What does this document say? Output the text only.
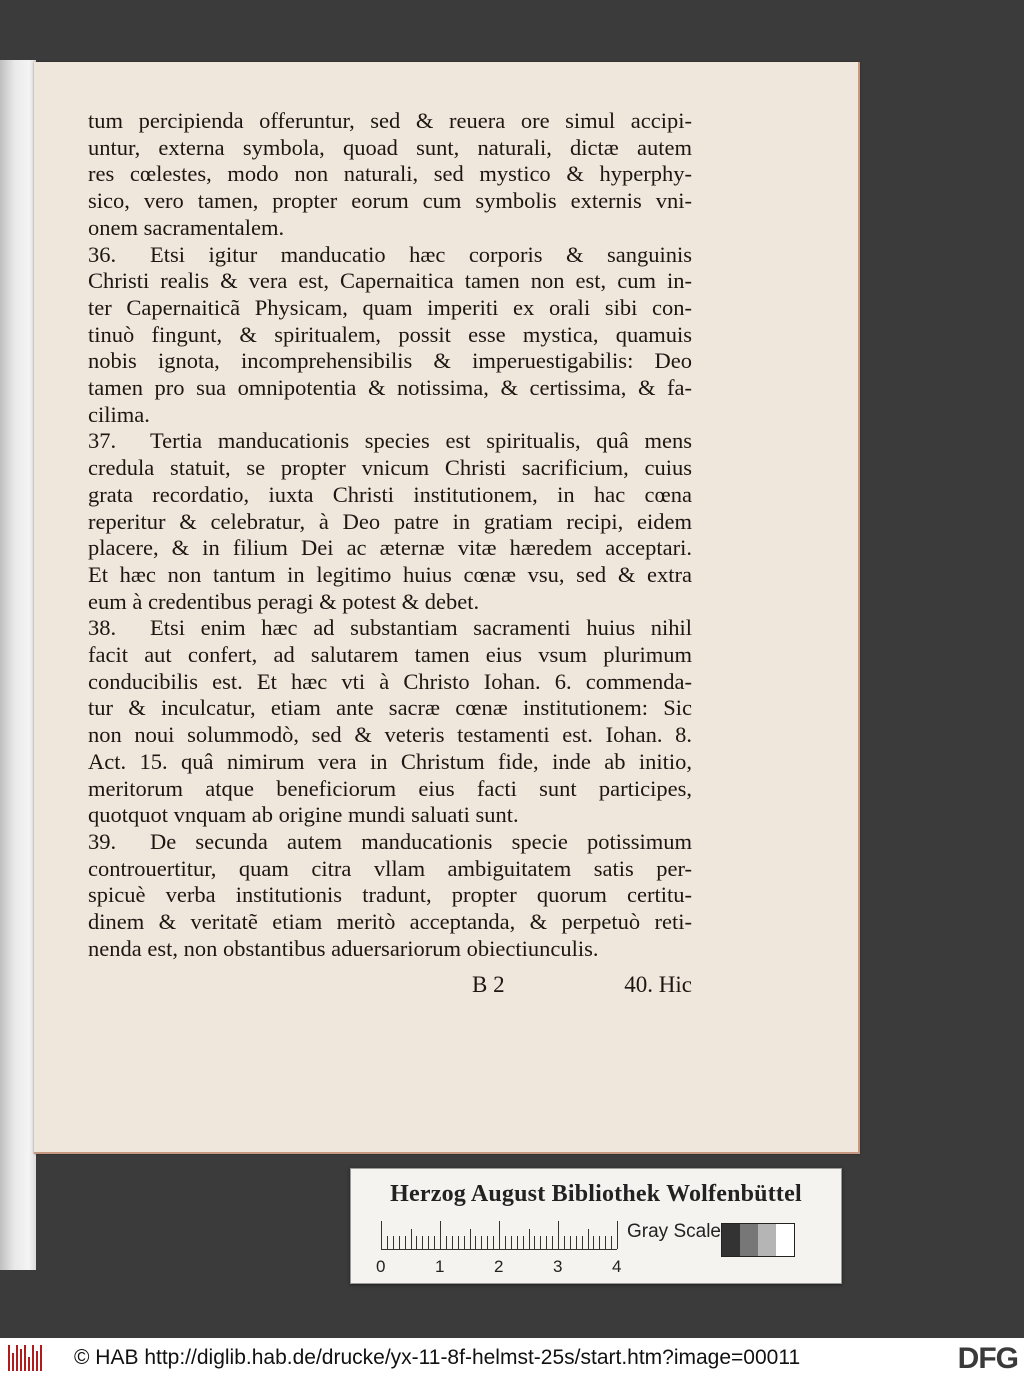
tum percipienda offeruntur, sed & reuera ore simul accipi-
untur, externa symbola, quoad sunt, naturali, dictæ autem
res cœlestes, modo non naturali, sed mystico & hyperphy-
sico, vero tamen, propter eorum cum symbolis externis vni-
onem sacramentalem.
36. Etsi igitur manducatio hæc corporis & sanguinis
Christi realis & vera est, Capernaitica tamen non est, cum in-
ter Capernaiticã Physicam, quam imperiti ex orali sibi con-
tinuò fingunt, & spiritualem, possit esse mystica, quamuis
nobis ignota, incomprehensibilis & imperuestigabilis: Deo
tamen pro sua omnipotentia & notissima, & certissima, & fa-
cilima.
37. Tertia manducationis species est spiritualis, quâ mens
credula statuit, se propter vnicum Christi sacrificium, cuius
grata recordatio, iuxta Christi institutionem, in hac cœna
reperitur & celebratur, à Deo patre in gratiam recipi, eidem
placere, & in filium Dei ac æternæ vitæ hæredem acceptari.
Et hæc non tantum in legitimo huius cœnæ vsu, sed & extra
eum à credentibus peragi & potest & debet.
38. Etsi enim hæc ad substantiam sacramenti huius nihil
facit aut confert, ad salutarem tamen eius vsum plurimum
conducibilis est. Et hæc vti à Christo Iohan. 6. commenda-
tur & inculcatur, etiam ante sacræ cœnæ institutionem: Sic
non noui solummodò, sed & veteris testamenti est. Iohan. 8.
Act. 15. quâ nimirum vera in Christum fide, inde ab initio,
meritorum atque beneficiorum eius facti sunt participes,
quotquot vnquam ab origine mundi saluati sunt.
39. De secunda autem manducationis specie potissimum
controuertitur, quam citra vllam ambiguitatem satis per-
spicuè verba institutionis tradunt, propter quorum certitu-
dinem & veritatẽ etiam meritò acceptanda, & perpetuò reti-
nenda est, non obstantibus aduersariorum obiectiunculis.
B 2	40. Hic
Herzog August Bibliothek Wolfenbüttel
0	1	2	3	4
Gray Scale
© HAB http://diglib.hab.de/drucke/yx-11-8f-helmst-25s/start.htm?image=00011	DFG
